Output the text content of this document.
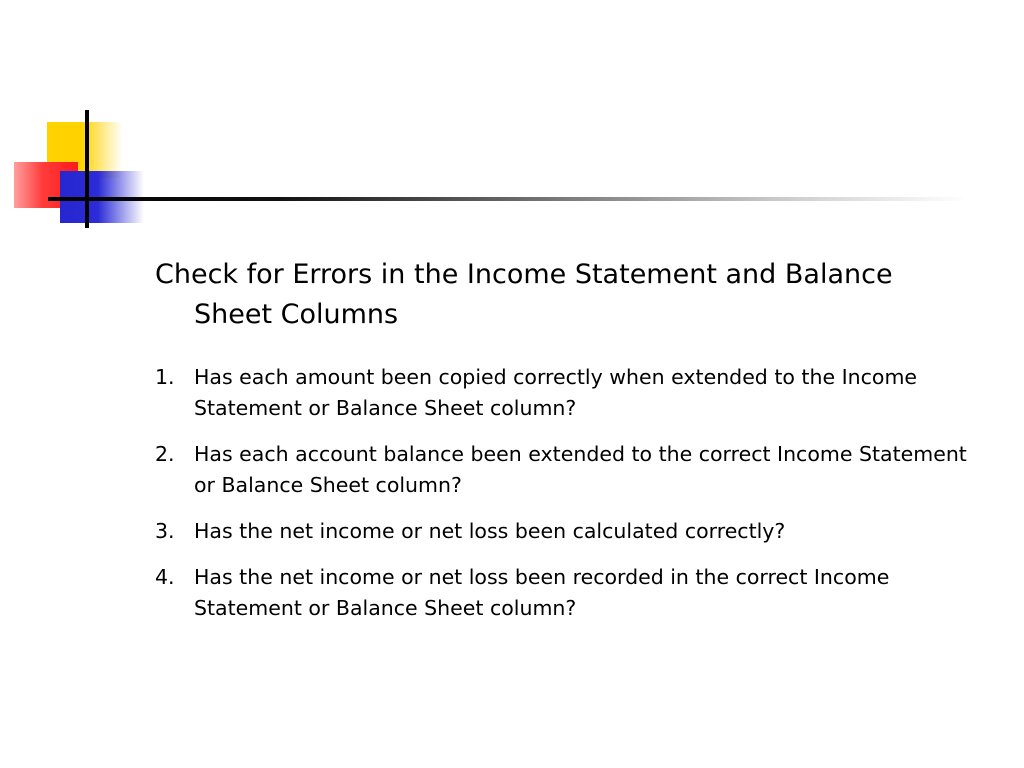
Check for Errors in the Income Statement and Balance Sheet Columns
1. Has each amount been copied correctly when extended to the Income Statement or Balance Sheet column?
2. Has each account balance been extended to the correct Income Statement or Balance Sheet column?
3. Has the net income or net loss been calculated correctly?
4. Has the net income or net loss been recorded in the correct Income Statement or Balance Sheet column?
